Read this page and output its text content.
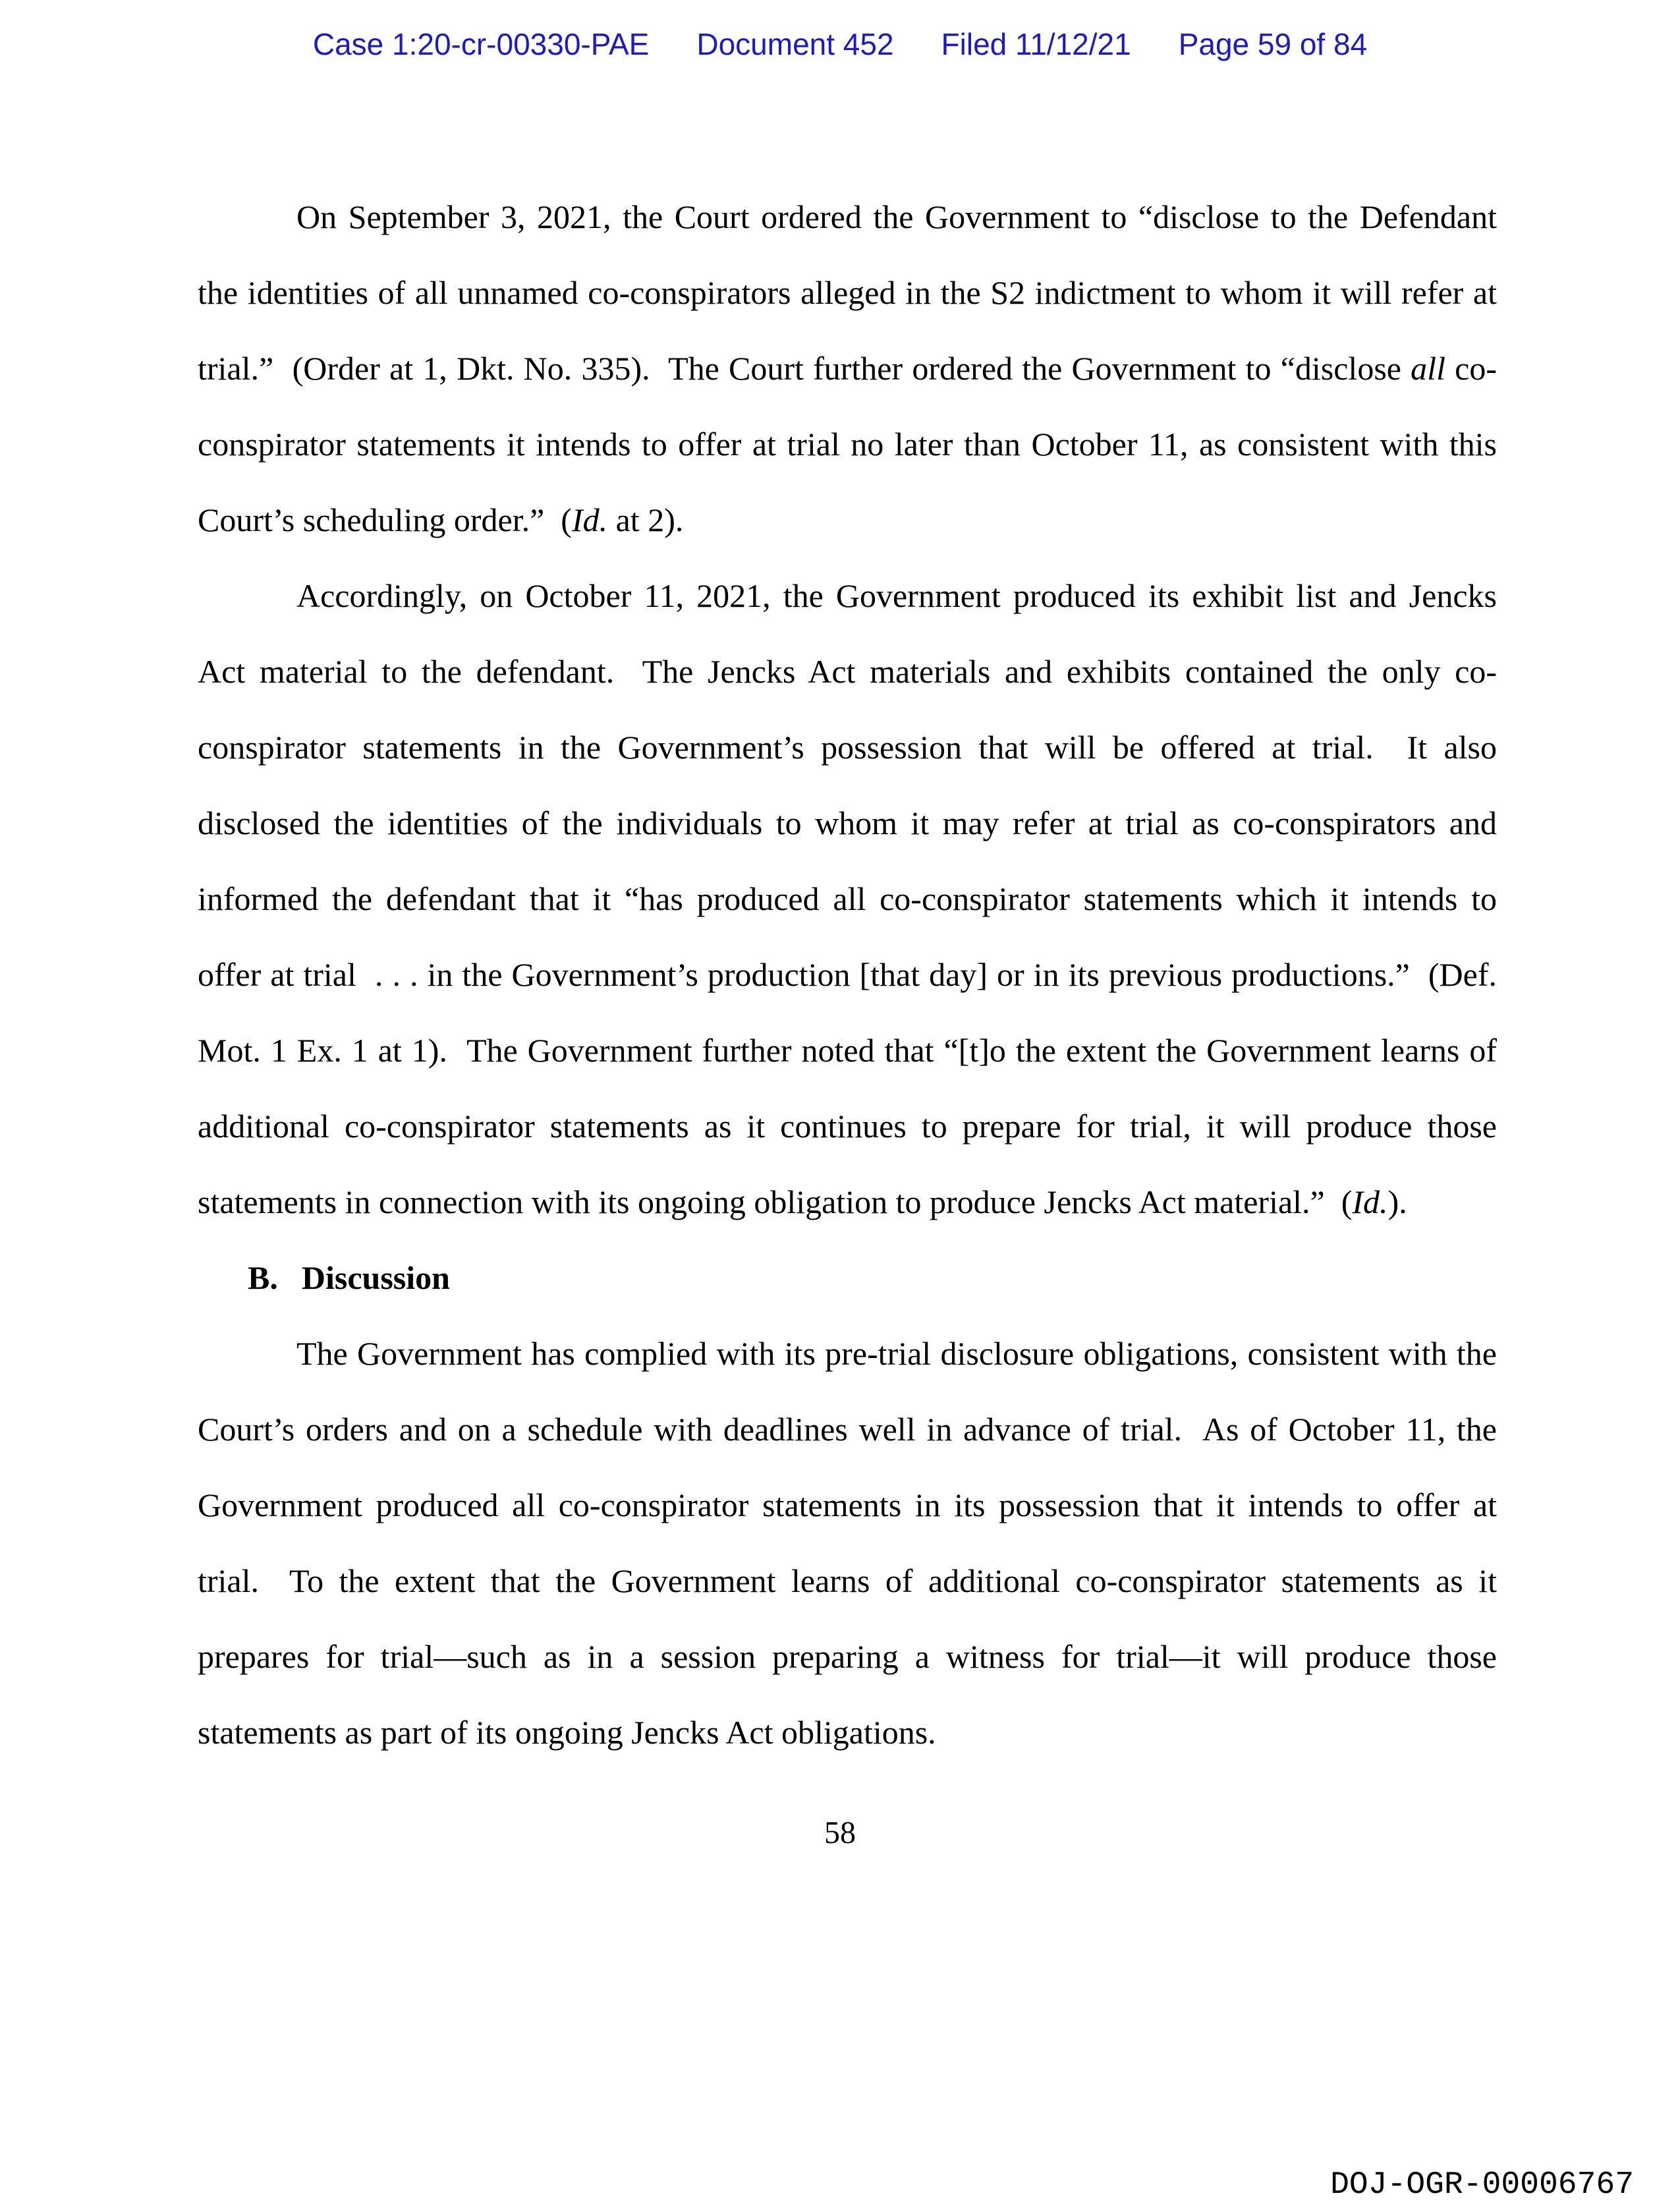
Case 1:20-cr-00330-PAE Document 452 Filed 11/12/21 Page 59 of 84

On September 3, 2021, the Court ordered the Government to “disclose to the Defendant the identities of all unnamed co-conspirators alleged in the S2 indictment to whom it will refer at trial.”  (Order at 1, Dkt. No. 335).  The Court further ordered the Government to “disclose all co-conspirator statements it intends to offer at trial no later than October 11, as consistent with this Court’s scheduling order.”  (Id. at 2).

Accordingly, on October 11, 2021, the Government produced its exhibit list and Jencks Act material to the defendant.  The Jencks Act materials and exhibits contained the only co-conspirator statements in the Government’s possession that will be offered at trial.  It also disclosed the identities of the individuals to whom it may refer at trial as co-conspirators and informed the defendant that it “has produced all co-conspirator statements which it intends to offer at trial  . . . in the Government’s production [that day] or in its previous productions.”  (Def. Mot. 1 Ex. 1 at 1).  The Government further noted that “[t]o the extent the Government learns of additional co-conspirator statements as it continues to prepare for trial, it will produce those statements in connection with its ongoing obligation to produce Jencks Act material.”  (Id.).

B. Discussion

The Government has complied with its pre-trial disclosure obligations, consistent with the Court’s orders and on a schedule with deadlines well in advance of trial.  As of October 11, the Government produced all co-conspirator statements in its possession that it intends to offer at trial.  To the extent that the Government learns of additional co-conspirator statements as it prepares for trial—such as in a session preparing a witness for trial—it will produce those statements as part of its ongoing Jencks Act obligations.

58
DOJ-OGR-00006767
